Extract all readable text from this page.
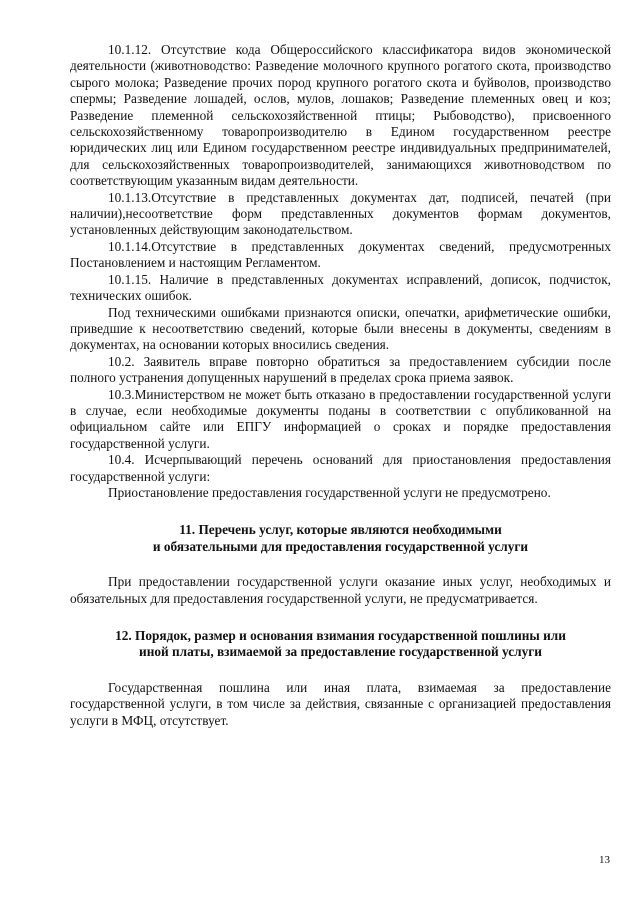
10.1.12. Отсутствие кода Общероссийского классификатора видов экономической деятельности (животноводство: Разведение молочного крупного рогатого скота, производство сырого молока; Разведение прочих пород крупного рогатого скота и буйволов, производство спермы; Разведение лошадей, ослов, мулов, лошаков; Разведение племенных овец и коз; Разведение племенной сельскохозяйственной птицы; Рыбоводство), присвоенного сельскохозяйственному товаропроизводителю в Едином государственном реестре юридических лиц или Едином государственном реестре индивидуальных предпринимателей, для сельскохозяйственных товаропроизводителей, занимающихся животноводством по соответствующим указанным видам деятельности.

10.1.13.Отсутствие в представленных документах дат, подписей, печатей (при наличии),несоответствие форм представленных документов формам документов, установленных действующим законодательством.

10.1.14.Отсутствие в представленных документах сведений, предусмотренных Постановлением и настоящим Регламентом.

10.1.15. Наличие в представленных документах исправлений, дописок, подчисток, технических ошибок.

Под техническими ошибками признаются описки, опечатки, арифметические ошибки, приведшие к несоответствию сведений, которые были внесены в документы, сведениям в документах, на основании которых вносились сведения.

10.2. Заявитель вправе повторно обратиться за предоставлением субсидии после полного устранения допущенных нарушений в пределах срока приема заявок.

10.3.Министерством не может быть отказано в предоставлении государственной услуги в случае, если необходимые документы поданы в соответствии с опубликованной на официальном сайте или ЕПГУ информацией о сроках и порядке предоставления государственной услуги.

10.4. Исчерпывающий перечень оснований для приостановления предоставления государственной услуги:

Приостановление предоставления государственной услуги не предусмотрено.

11. Перечень услуг, которые являются необходимыми
и обязательными для предоставления государственной услуги

При предоставлении государственной услуги оказание иных услуг, необходимых и обязательных для предоставления государственной услуги, не предусматривается.

12. Порядок, размер и основания взимания государственной пошлины или
иной платы, взимаемой за предоставление государственной услуги

Государственная пошлина или иная плата, взимаемая за предоставление государственной услуги, в том числе за действия, связанные с организацией предоставления услуги в МФЦ, отсутствует.

13
